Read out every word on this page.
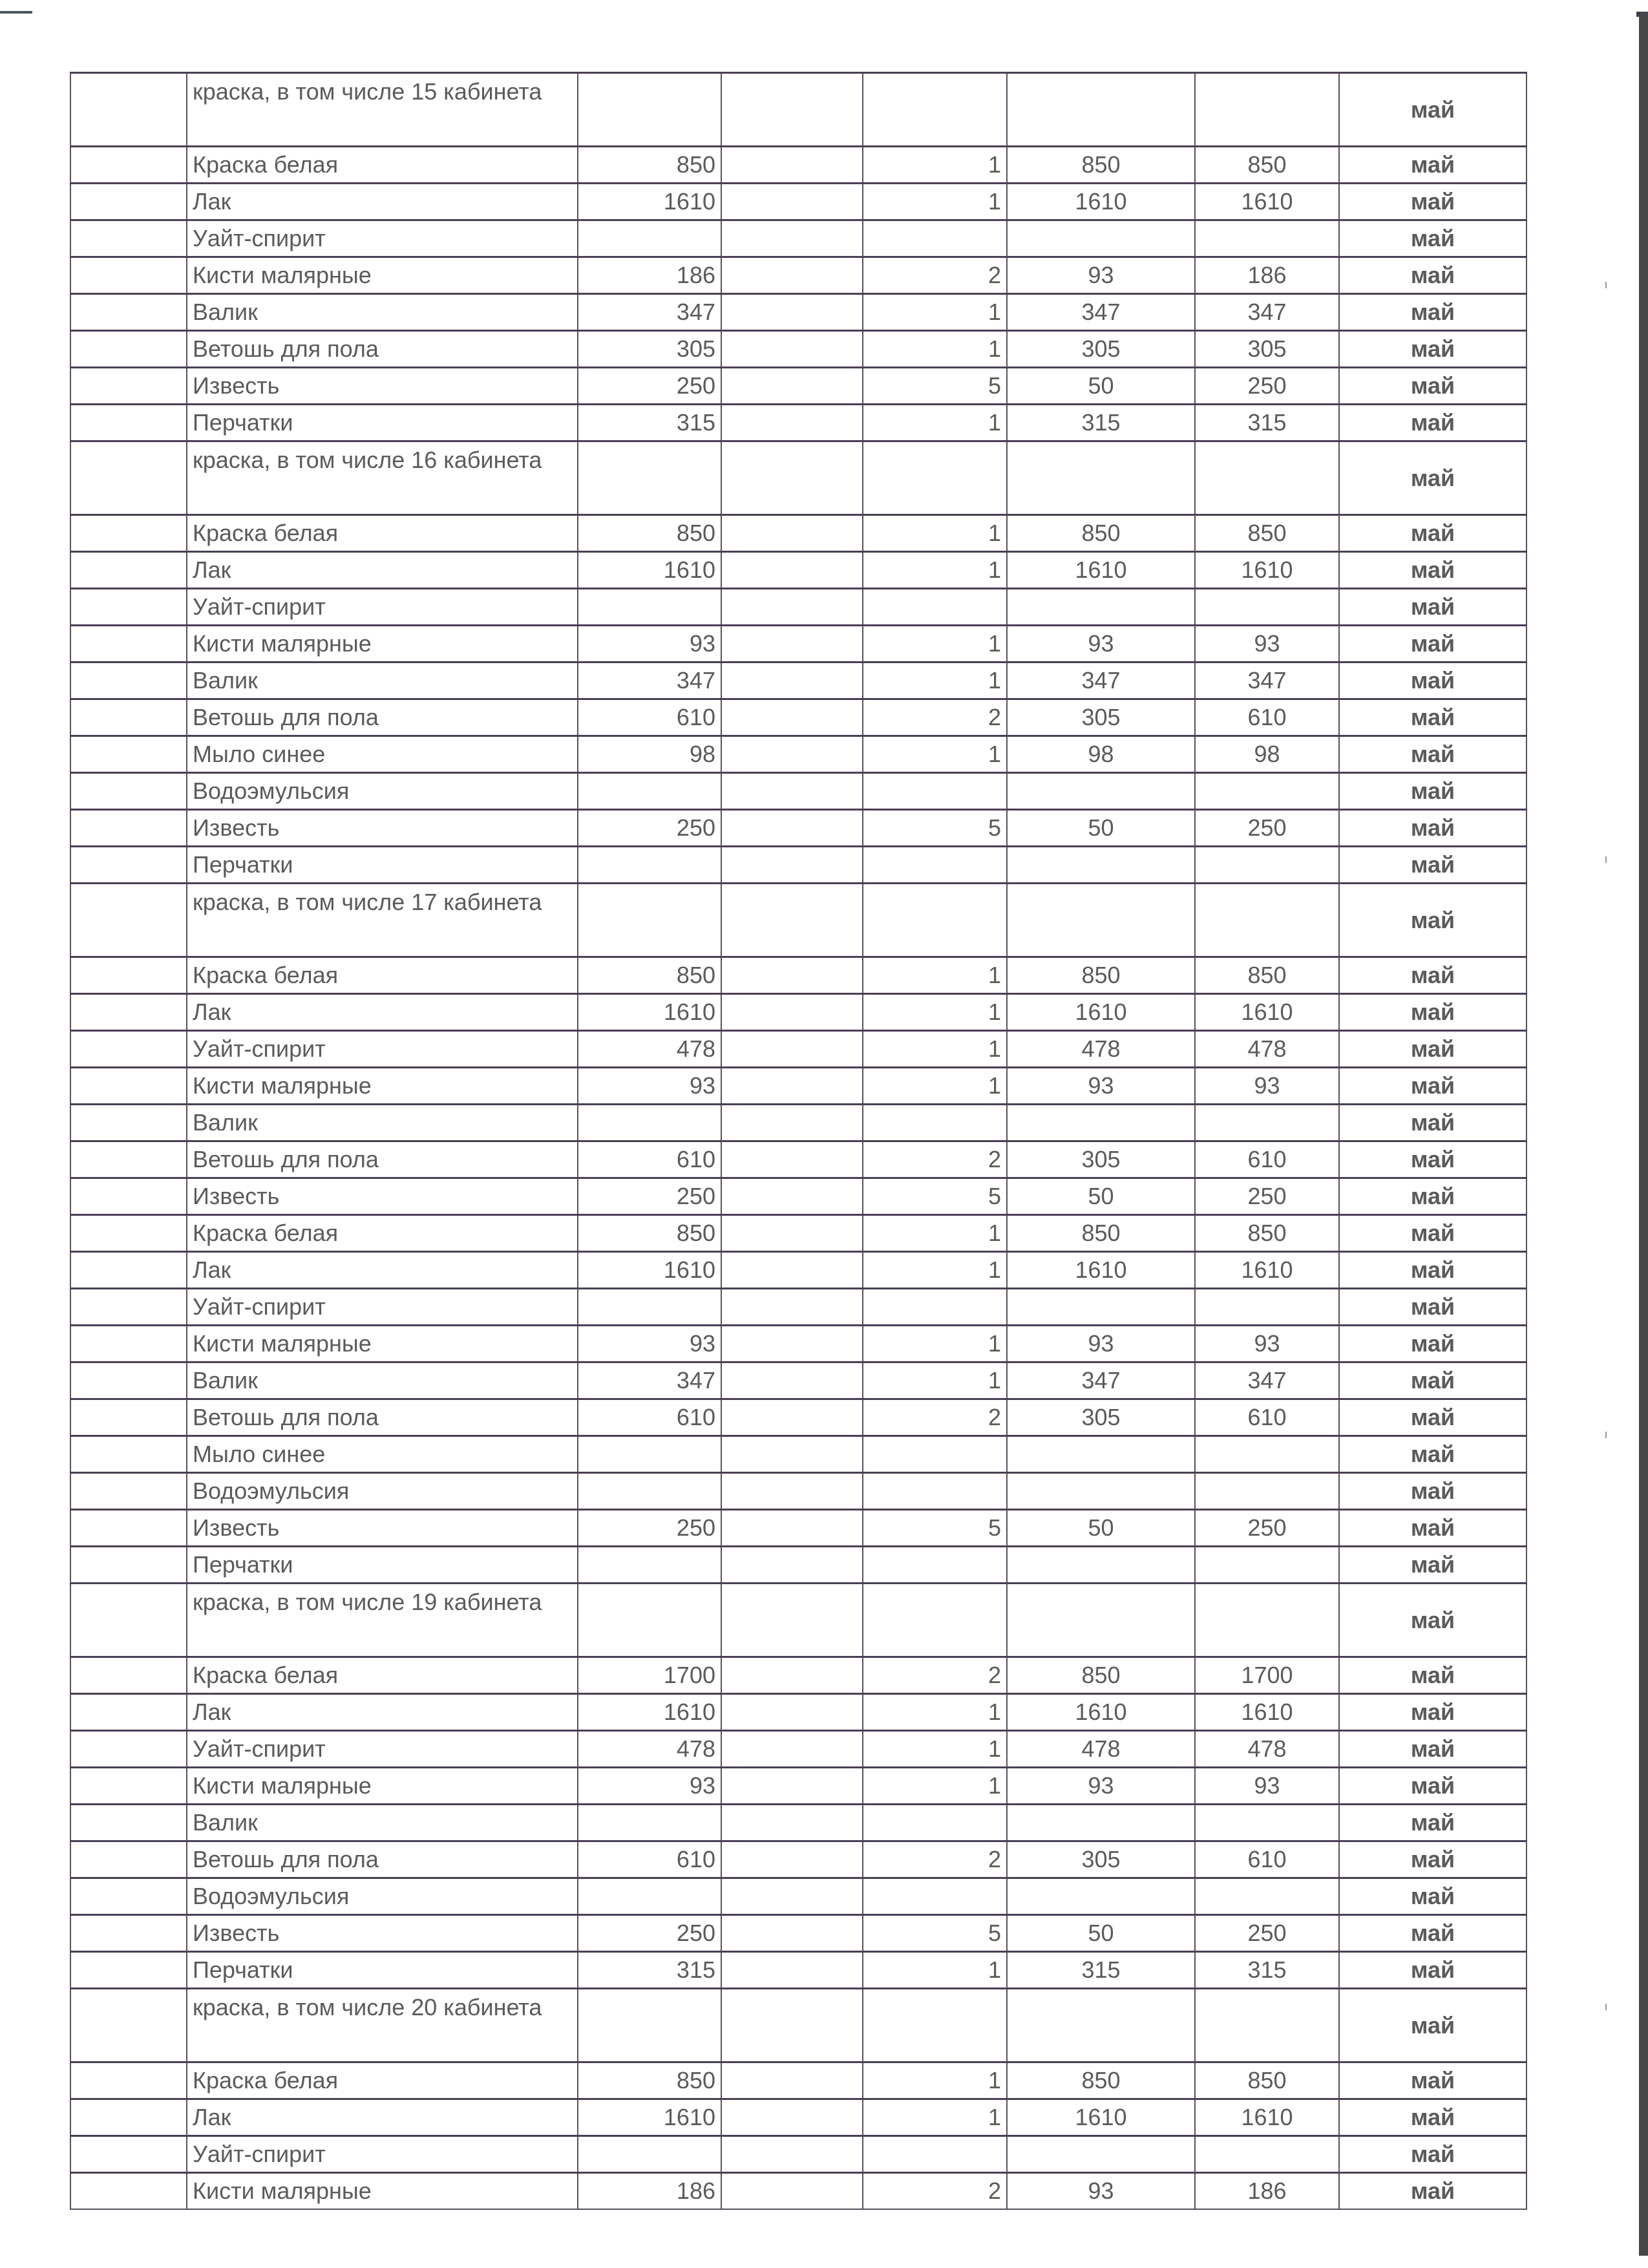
	краска, в том числе 15 кабинета						май
	Краска белая	850		1	850	850	май
	Лак	1610		1	1610	1610	май
	Уайт-спирит						май
	Кисти малярные	186		2	93	186	май
	Валик	347		1	347	347	май
	Ветошь для пола	305		1	305	305	май
	Известь	250		5	50	250	май
	Перчатки	315		1	315	315	май
	краска, в том числе 16 кабинета						май
	Краска белая	850		1	850	850	май
	Лак	1610		1	1610	1610	май
	Уайт-спирит						май
	Кисти малярные	93		1	93	93	май
	Валик	347		1	347	347	май
	Ветошь для пола	610		2	305	610	май
	Мыло синее	98		1	98	98	май
	Водоэмульсия						май
	Известь	250		5	50	250	май
	Перчатки						май
	краска, в том числе 17 кабинета						май
	Краска белая	850		1	850	850	май
	Лак	1610		1	1610	1610	май
	Уайт-спирит	478		1	478	478	май
	Кисти малярные	93		1	93	93	май
	Валик						май
	Ветошь для пола	610		2	305	610	май
	Известь	250		5	50	250	май
	Краска белая	850		1	850	850	май
	Лак	1610		1	1610	1610	май
	Уайт-спирит						май
	Кисти малярные	93		1	93	93	май
	Валик	347		1	347	347	май
	Ветошь для пола	610		2	305	610	май
	Мыло синее						май
	Водоэмульсия						май
	Известь	250		5	50	250	май
	Перчатки						май
	краска, в том числе 19 кабинета						май
	Краска белая	1700		2	850	1700	май
	Лак	1610		1	1610	1610	май
	Уайт-спирит	478		1	478	478	май
	Кисти малярные	93		1	93	93	май
	Валик						май
	Ветошь для пола	610		2	305	610	май
	Водоэмульсия						май
	Известь	250		5	50	250	май
	Перчатки	315		1	315	315	май
	краска, в том числе 20 кабинета						май
	Краска белая	850		1	850	850	май
	Лак	1610		1	1610	1610	май
	Уайт-спирит						май
	Кисти малярные	186		2	93	186	май
